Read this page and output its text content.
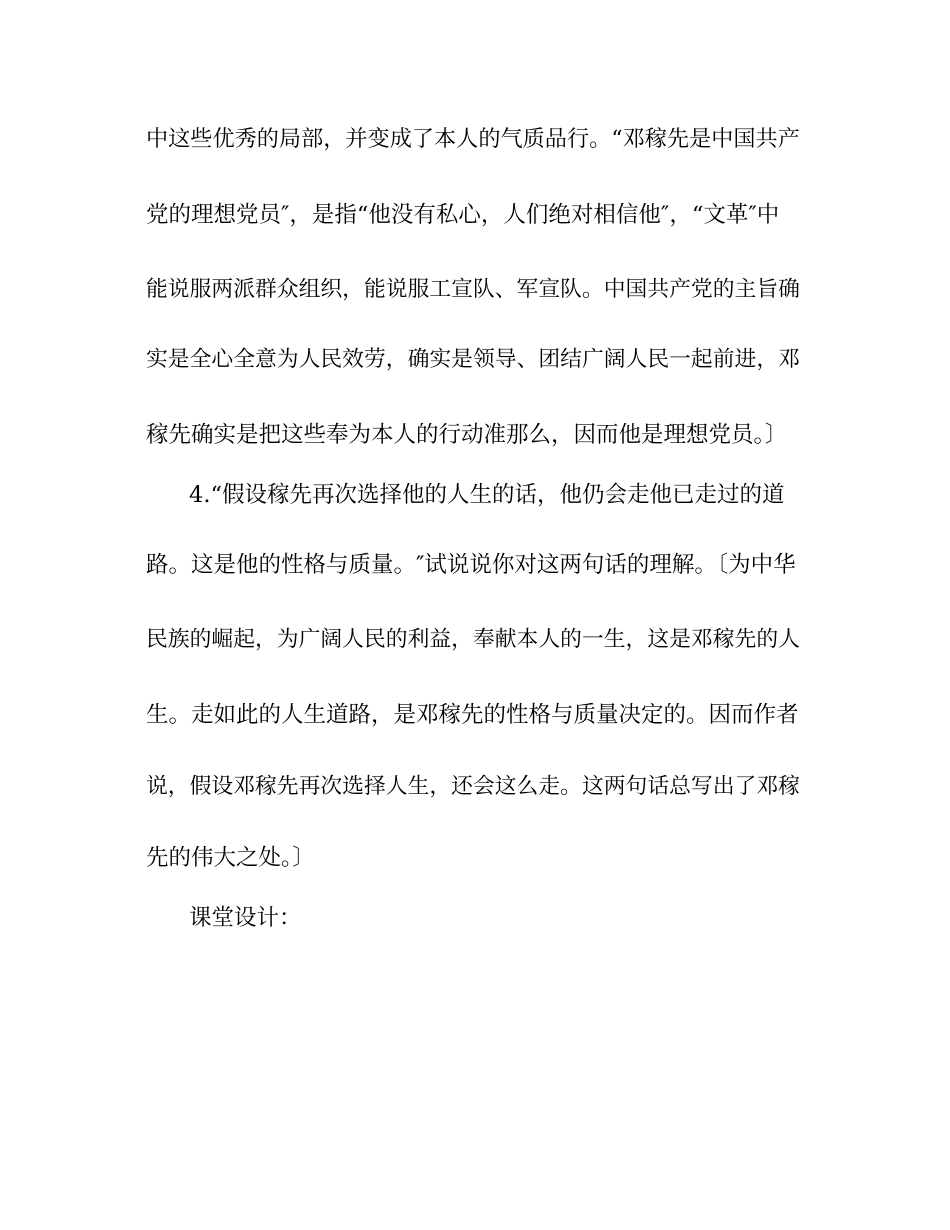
中这些优秀的局部，并变成了本人的气质品行。“邓稼先是中国共产
党的理想党员″，是指“他没有私心，人们绝对相信他″，“文革″中
能说服两派群众组织，能说服工宣队、军宣队。中国共产党的主旨确
实是全心全意为人民效劳，确实是领导、团结广阔人民一起前进，邓
稼先确实是把这些奉为本人的行动准那么，因而他是理想党员。〕
4.“假设稼先再次选择他的人生的话，他仍会走他已走过的道
路。这是他的性格与质量。″试说说你对这两句话的理解。〔为中华
民族的崛起，为广阔人民的利益，奉献本人的一生，这是邓稼先的人
生。走如此的人生道路，是邓稼先的性格与质量决定的。因而作者
说，假设邓稼先再次选择人生，还会这么走。这两句话总写出了邓稼
先的伟大之处。〕
课堂设计：
